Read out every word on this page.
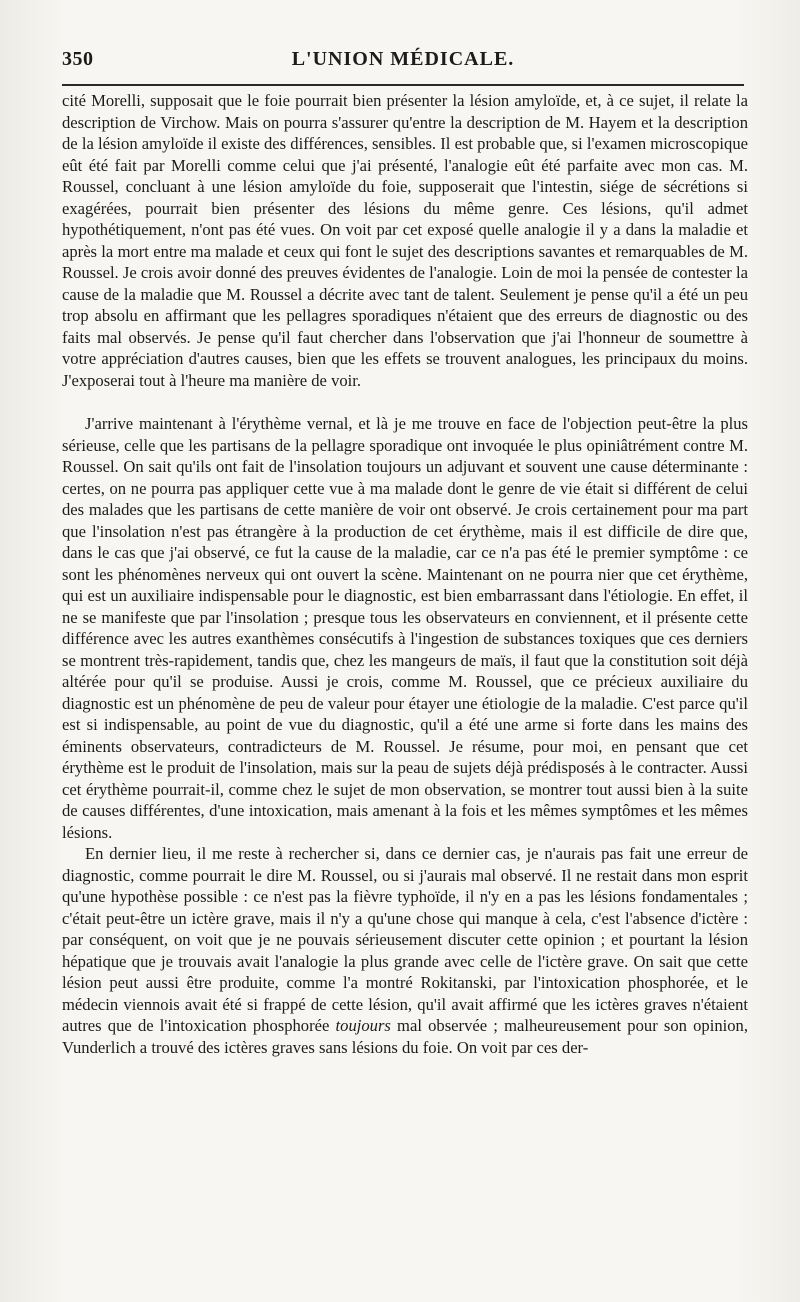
350	L'UNION MÉDICALE.

cité Morelli, supposait que le foie pourrait bien présenter la lésion amyloïde, et, à ce sujet, il relate la description de Virchow. Mais on pourra s'assurer qu'entre la description de M. Hayem et la description de la lésion amyloïde il existe des différences, sensibles. Il est probable que, si l'examen microscopique eût été fait par Morelli comme celui que j'ai présenté, l'analogie eût été parfaite avec mon cas. M. Roussel, concluant à une lésion amyloïde du foie, supposerait que l'intestin, siége de sécrétions si exagérées, pourrait bien présenter des lésions du même genre. Ces lésions, qu'il admet hypothétiquement, n'ont pas été vues. On voit par cet exposé quelle analogie il y a dans la maladie et après la mort entre ma malade et ceux qui font le sujet des descriptions savantes et remarquables de M. Roussel. Je crois avoir donné des preuves évidentes de l'analogie. Loin de moi la pensée de contester la cause de la maladie que M. Roussel a décrite avec tant de talent. Seulement je pense qu'il a été un peu trop absolu en affirmant que les pellagres sporadiques n'étaient que des erreurs de diagnostic ou des faits mal observés. Je pense qu'il faut chercher dans l'observation que j'ai l'honneur de soumettre à votre appréciation d'autres causes, bien que les effets se trouvent analogues, les principaux du moins. J'exposerai tout à l'heure ma manière de voir.

J'arrive maintenant à l'érythème vernal, et là je me trouve en face de l'objection peut-être la plus sérieuse, celle que les partisans de la pellagre sporadique ont invoquée le plus opiniâtrément contre M. Roussel. On sait qu'ils ont fait de l'insolation toujours un adjuvant et souvent une cause déterminante : certes, on ne pourra pas appliquer cette vue à ma malade dont le genre de vie était si différent de celui des malades que les partisans de cette manière de voir ont observé. Je crois certainement pour ma part que l'insolation n'est pas étrangère à la production de cet érythème, mais il est difficile de dire que, dans le cas que j'ai observé, ce fut la cause de la maladie, car ce n'a pas été le premier symptôme : ce sont les phénomènes nerveux qui ont ouvert la scène. Maintenant on ne pourra nier que cet érythème, qui est un auxiliaire indispensable pour le diagnostic, est bien embarrassant dans l'étiologie. En effet, il ne se manifeste que par l'insolation ; presque tous les observateurs en conviennent, et il présente cette différence avec les autres exanthèmes consécutifs à l'ingestion de substances toxiques que ces derniers se montrent très-rapidement, tandis que, chez les mangeurs de maïs, il faut que la constitution soit déjà altérée pour qu'il se produise. Aussi je crois, comme M. Roussel, que ce précieux auxiliaire du diagnostic est un phénomène de peu de valeur pour étayer une étiologie de la maladie. C'est parce qu'il est si indispensable, au point de vue du diagnostic, qu'il a été une arme si forte dans les mains des éminents observateurs, contradicteurs de M. Roussel. Je résume, pour moi, en pensant que cet érythème est le produit de l'insolation, mais sur la peau de sujets déjà prédisposés à le contracter. Aussi cet érythème pourrait-il, comme chez le sujet de mon observation, se montrer tout aussi bien à la suite de causes différentes, d'une intoxication, mais amenant à la fois et les mêmes symptômes et les mêmes lésions.

En dernier lieu, il me reste à rechercher si, dans ce dernier cas, je n'aurais pas fait une erreur de diagnostic, comme pourrait le dire M. Roussel, ou si j'aurais mal observé. Il ne restait dans mon esprit qu'une hypothèse possible : ce n'est pas la fièvre typhoïde, il n'y en a pas les lésions fondamentales ; c'était peut-être un ictère grave, mais il n'y a qu'une chose qui manque à cela, c'est l'absence d'ictère : par conséquent, on voit que je ne pouvais sérieusement discuter cette opinion ; et pourtant la lésion hépatique que je trouvais avait l'analogie la plus grande avec celle de l'ictère grave. On sait que cette lésion peut aussi être produite, comme l'a montré Rokitanski, par l'intoxication phosphorée, et le médecin viennois avait été si frappé de cette lésion, qu'il avait affirmé que les ictères graves n'étaient autres que de l'intoxication phosphorée toujours mal observée ; malheureusement pour son opinion, Vunderlich a trouvé des ictères graves sans lésions du foie. On voit par ces der-
